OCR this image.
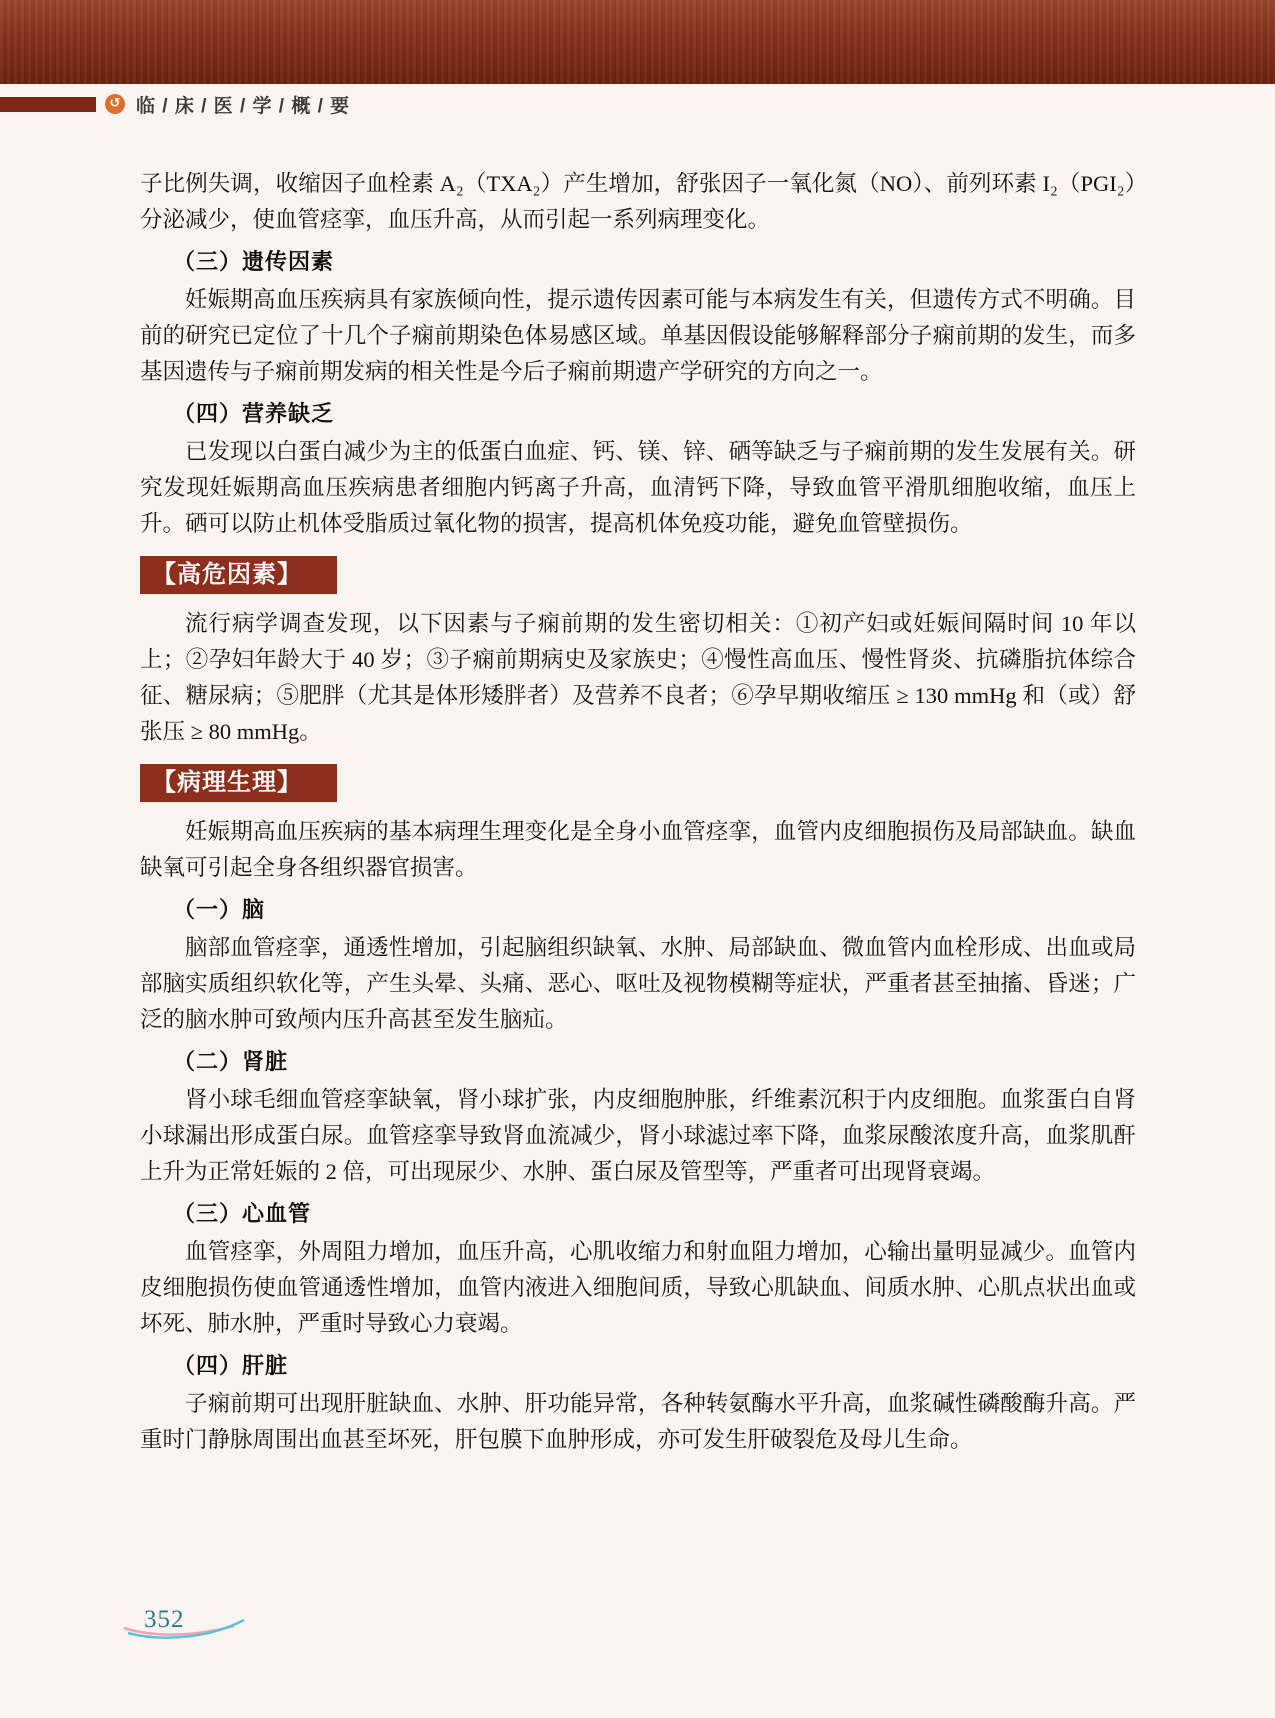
↺
临 / 床 / 医 / 学 / 概 / 要

子比例失调，收缩因子血栓素 A₂（TXA₂）产生增加，舒张因子一氧化氮（NO）、前列环素 I₂（PGI₂）分泌减少，使血管痉挛，血压升高，从而引起一系列病理变化。

（三）遗传因素

妊娠期高血压疾病具有家族倾向性，提示遗传因素可能与本病发生有关，但遗传方式不明确。目前的研究已定位了十几个子痫前期染色体易感区域。单基因假设能够解释部分子痫前期的发生，而多基因遗传与子痫前期发病的相关性是今后子痫前期遗产学研究的方向之一。

（四）营养缺乏

已发现以白蛋白减少为主的低蛋白血症、钙、镁、锌、硒等缺乏与子痫前期的发生发展有关。研究发现妊娠期高血压疾病患者细胞内钙离子升高，血清钙下降，导致血管平滑肌细胞收缩，血压上升。硒可以防止机体受脂质过氧化物的损害，提高机体免疫功能，避免血管壁损伤。

【高危因素】

流行病学调查发现，以下因素与子痫前期的发生密切相关：①初产妇或妊娠间隔时间 10 年以上；②孕妇年龄大于 40 岁；③子痫前期病史及家族史；④慢性高血压、慢性肾炎、抗磷脂抗体综合征、糖尿病；⑤肥胖（尤其是体形矮胖者）及营养不良者；⑥孕早期收缩压 ≥ 130 mmHg 和（或）舒张压 ≥ 80 mmHg。

【病理生理】

妊娠期高血压疾病的基本病理生理变化是全身小血管痉挛，血管内皮细胞损伤及局部缺血。缺血缺氧可引起全身各组织器官损害。

（一）脑

脑部血管痉挛，通透性增加，引起脑组织缺氧、水肿、局部缺血、微血管内血栓形成、出血或局部脑实质组织软化等，产生头晕、头痛、恶心、呕吐及视物模糊等症状，严重者甚至抽搐、昏迷；广泛的脑水肿可致颅内压升高甚至发生脑疝。

（二）肾脏

肾小球毛细血管痉挛缺氧，肾小球扩张，内皮细胞肿胀，纤维素沉积于内皮细胞。血浆蛋白自肾小球漏出形成蛋白尿。血管痉挛导致肾血流减少，肾小球滤过率下降，血浆尿酸浓度升高，血浆肌酐上升为正常妊娠的 2 倍，可出现尿少、水肿、蛋白尿及管型等，严重者可出现肾衰竭。

（三）心血管

血管痉挛，外周阻力增加，血压升高，心肌收缩力和射血阻力增加，心输出量明显减少。血管内皮细胞损伤使血管通透性增加，血管内液进入细胞间质，导致心肌缺血、间质水肿、心肌点状出血或坏死、肺水肿，严重时导致心力衰竭。

（四）肝脏

子痫前期可出现肝脏缺血、水肿、肝功能异常，各种转氨酶水平升高，血浆碱性磷酸酶升高。严重时门静脉周围出血甚至坏死，肝包膜下血肿形成，亦可发生肝破裂危及母儿生命。

352
